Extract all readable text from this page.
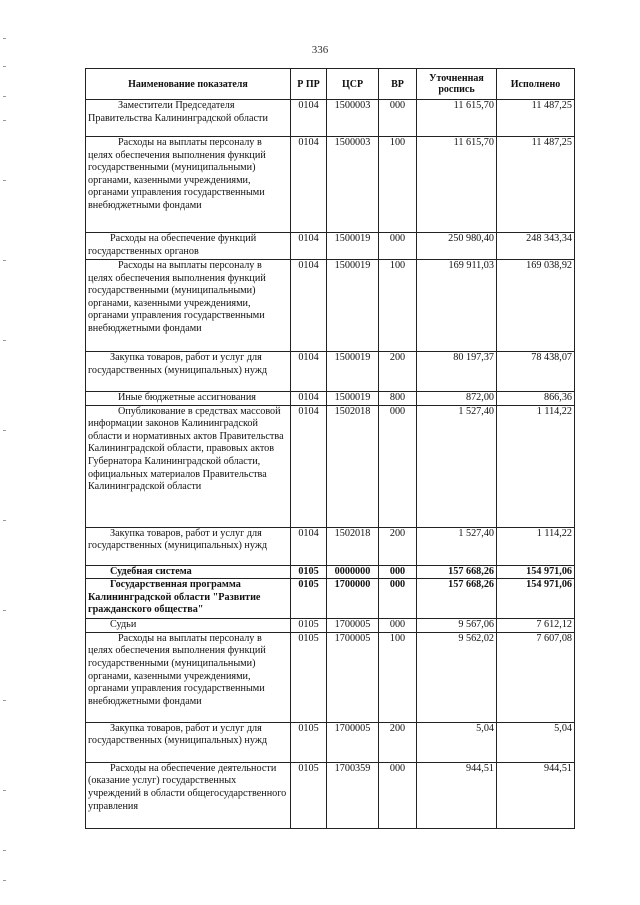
336
Наименование показателя	Р ПР	ЦСР	ВР	Уточненная роспись	Исполнено
Заместители Председателя Правительства Калининградской области	0104	1500003	000	11 615,70	11 487,25
Расходы на выплаты персоналу в целях обеспечения выполнения функций государственными (муниципальными) органами, казенными учреждениями, органами управления государственными внебюджетными фондами	0104	1500003	100	11 615,70	11 487,25
Расходы на обеспечение функций государственных органов	0104	1500019	000	250 980,40	248 343,34
Расходы на выплаты персоналу в целях обеспечения выполнения функций государственными (муниципальными) органами, казенными учреждениями, органами управления государственными внебюджетными фондами	0104	1500019	100	169 911,03	169 038,92
Закупка товаров, работ и услуг для государственных (муниципальных) нужд	0104	1500019	200	80 197,37	78 438,07
Иные бюджетные ассигнования	0104	1500019	800	872,00	866,36
Опубликование в средствах массовой информации законов Калининградской области и нормативных актов Правительства Калининградской области, правовых актов Губернатора Калининградской области, официальных материалов Правительства Калининградской области	0104	1502018	000	1 527,40	1 114,22
Закупка товаров, работ и услуг для государственных (муниципальных) нужд	0104	1502018	200	1 527,40	1 114,22
Судебная система	0105	0000000	000	157 668,26	154 971,06
Государственная программа Калининградской области "Развитие гражданского общества"	0105	1700000	000	157 668,26	154 971,06
Судьи	0105	1700005	000	9 567,06	7 612,12
Расходы на выплаты персоналу в целях обеспечения выполнения функций государственными (муниципальными) органами, казенными учреждениями, органами управления государственными внебюджетными фондами	0105	1700005	100	9 562,02	7 607,08
Закупка товаров, работ и услуг для государственных (муниципальных) нужд	0105	1700005	200	5,04	5,04
Расходы на обеспечение деятельности (оказание услуг) государственных учреждений в области общегосударственного управления	0105	1700359	000	944,51	944,51
